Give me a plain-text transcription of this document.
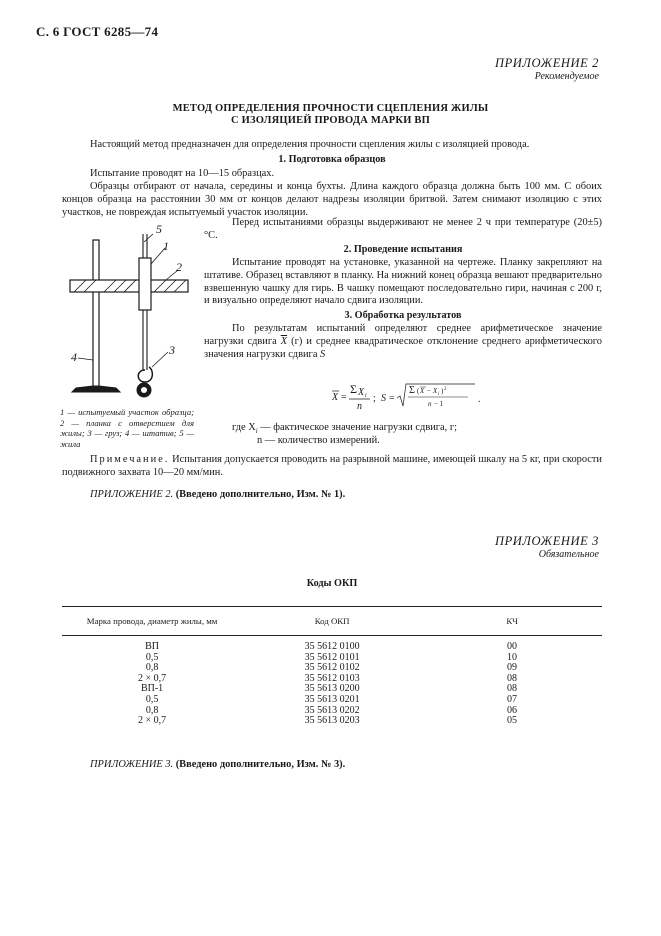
С. 6 ГОСТ 6285—74
ПРИЛОЖЕНИЕ 2
Рекомендуемое
МЕТОД ОПРЕДЕЛЕНИЯ ПРОЧНОСТИ СЦЕПЛЕНИЯ ЖИЛЫ
С ИЗОЛЯЦИЕЙ ПРОВОДА МАРКИ ВП
Настоящий метод предназначен для определения прочности сцепления жилы с изоляцией провода.
1. Подготовка образцов
Испытание проводят на 10—15 образцах.
Образцы отбирают от начала, середины и конца бухты. Длина каждого образца должна быть 100 мм. С обоих концов образца на расстоянии 30 мм от концов делают надрезы изоляции бритвой. Затем снимают изоляцию с этих участков, не повреждая испытуемый участок изоляции.
Перед испытаниями образцы выдерживают не менее 2 ч при температуре (20±5) °С.
2. Проведение испытания
Испытание проводят на установке, указанной на чертеже. Планку закрепляют на штативе. Образец вставляют в планку. На нижний конец образца вешают предварительно взвешенную чашку для гирь. В чашку помещают последовательно гири, начиная с 200 г, и визуально определяют начало сдвига изоляции.
3. Обработка результатов
По результатам испытаний определяют среднее арифметическое значение нагрузки сдвига $\overline{X}$ (г) и среднее квадратическое отклонение среднего арифметического значения нагрузки сдвига S
X =
Σ X i
n
; S =
Σ ( X − X i ) 2
n − 1	.
где $X_i$ — фактическое значение нагрузки сдвига, г;
n — количество измерений.
5
1
2
3
4
1 — испытуемый участок образца; 2 — планка с отверстием для жилы; 3 — груз; 4 — штатив; 5 — жила
Примечание. Испытания допускается проводить на разрывной машине, имеющей шкалу на 5 кг, при скорости подвижного захвата 10—20 мм/мин.
ПРИЛОЖЕНИЕ 2. (Введено дополнительно, Изм. № 1).
ПРИЛОЖЕНИЕ 3
Обязательное
Коды ОКП
Марка провода, диаметр жилы, мм	Код ОКП	КЧ
ВП	35 5612 0100	00
0,5	35 5612 0101	10
0,8	35 5612 0102	09
2 × 0,7	35 5612 0103	08
ВП-1	35 5613 0200	08
0,5	35 5613 0201	07
0,8	35 5613 0202	06
2 × 0,7	35 5613 0203	05
ПРИЛОЖЕНИЕ 3. (Введено дополнительно, Изм. № 3).
